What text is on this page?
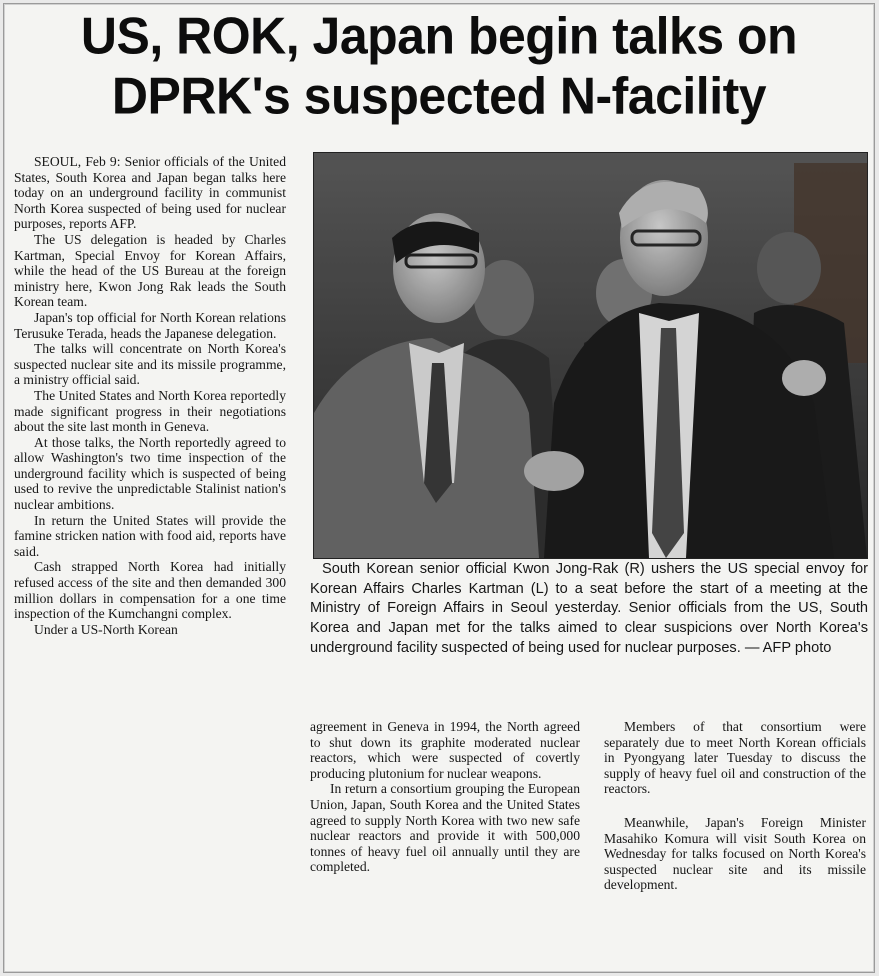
US, ROK, Japan begin talks on
DPRK's suspected N-facility

SEOUL, Feb 9: Senior officials of the United States, South Korea and Japan began talks here today on an underground facility in communist North Korea suspected of being used for nuclear purposes, reports AFP.

The US delegation is headed by Charles Kartman, Special Envoy for Korean Affairs, while the head of the US Bureau at the foreign ministry here, Kwon Jong Rak leads the South Korean team.

Japan's top official for North Korean relations Terusuke Terada, heads the Japanese delegation.

The talks will concentrate on North Korea's suspected nuclear site and its missile programme, a ministry official said.

The United States and North Korea reportedly made significant progress in their negotiations about the site last month in Geneva.

At those talks, the North reportedly agreed to allow Washington's two time inspection of the underground facility which is suspected of being used to revive the unpredictable Stalinist nation's nuclear ambitions.

In return the United States will provide the famine stricken nation with food aid, reports have said.

Cash strapped North Korea had initially refused access of the site and then demanded 300 million dollars in compensation for a one time inspection of the Kumchangni complex.

Under a US-North Korean

South Korean senior official Kwon Jong-Rak (R) ushers the US special envoy for Korean Affairs Charles Kartman (L) to a seat before the start of a meeting at the Ministry of Foreign Affairs in Seoul yesterday. Senior officials from the US, South Korea and Japan met for the talks aimed to clear suspicions over North Korea's underground facility suspected of being used for nuclear purposes. — AFP photo

agreement in Geneva in 1994, the North agreed to shut down its graphite moderated nuclear reactors, which were suspected of covertly producing plutonium for nuclear weapons.

In return a consortium grouping the European Union, Japan, South Korea and the United States agreed to supply North Korea with two new safe nuclear reactors and provide it with 500,000 tonnes of heavy fuel oil annually until they are completed.

Members of that consortium were separately due to meet North Korean officials in Pyongyang later Tuesday to discuss the supply of heavy fuel oil and construction of the reactors.

Meanwhile, Japan's Foreign Minister Masahiko Komura will visit South Korea on Wednesday for talks focused on North Korea's suspected nuclear site and its missile development.
